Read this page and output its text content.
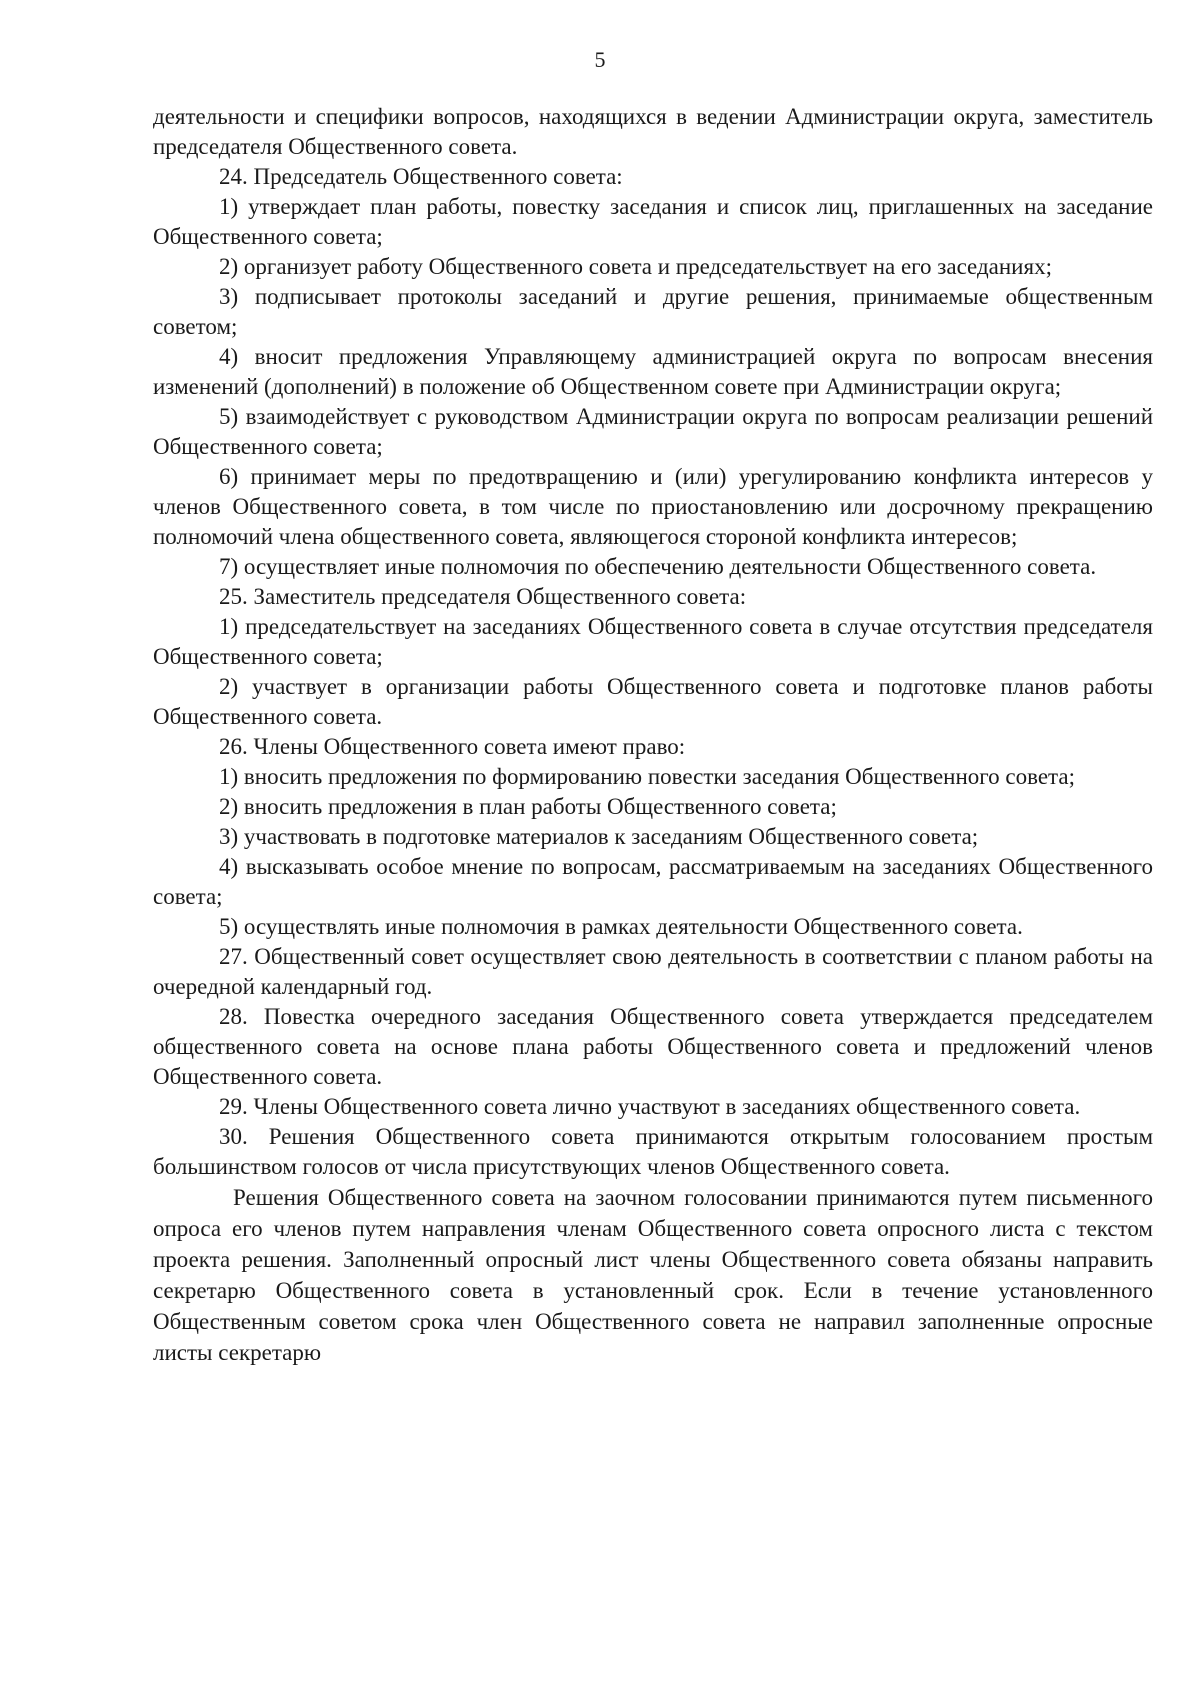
5

деятельности и специфики вопросов, находящихся в ведении Администрации округа, заместитель председателя Общественного совета.

24. Председатель Общественного совета:

1) утверждает план работы, повестку заседания и список лиц, приглашенных на заседание Общественного совета;

2) организует работу Общественного совета и председательствует на его заседаниях;

3) подписывает протоколы заседаний и другие решения, принимаемые общественным советом;

4) вносит предложения Управляющему администрацией округа по вопросам внесения изменений (дополнений) в положение об Общественном совете при Администрации округа;

5) взаимодействует с руководством Администрации округа по вопросам реализации решений Общественного совета;

6) принимает меры по предотвращению и (или) урегулированию конфликта интересов у членов Общественного совета, в том числе по приостановлению или досрочному прекращению полномочий члена общественного совета, являющегося стороной конфликта интересов;

7) осуществляет иные полномочия по обеспечению деятельности Общественного совета.

25. Заместитель председателя Общественного совета:

1) председательствует на заседаниях Общественного совета в случае отсутствия председателя Общественного совета;

2) участвует в организации работы Общественного совета и подготовке планов работы Общественного совета.

26. Члены Общественного совета имеют право:

1) вносить предложения по формированию повестки заседания Общественного совета;

2) вносить предложения в план работы Общественного совета;

3) участвовать в подготовке материалов к заседаниям Общественного совета;

4) высказывать особое мнение по вопросам, рассматриваемым на заседаниях Общественного совета;

5) осуществлять иные полномочия в рамках деятельности Общественного совета.

27. Общественный совет осуществляет свою деятельность в соответствии с планом работы на очередной календарный год.

28. Повестка очередного заседания Общественного совета утверждается председателем общественного совета на основе плана работы Общественного совета и предложений членов Общественного совета.

29. Члены Общественного совета лично участвуют в заседаниях общественного совета.

30. Решения Общественного совета принимаются открытым голосованием простым большинством голосов от числа присутствующих членов Общественного совета.

Решения Общественного совета на заочном голосовании принимаются путем письменного опроса его членов путем направления членам Общественного совета опросного листа с текстом проекта решения. Заполненный опросный лист члены Общественного совета обязаны направить секретарю Общественного совета в установленный срок. Если в течение установленного Общественным советом срока член Общественного совета не направил заполненные опросные листы секретарю
